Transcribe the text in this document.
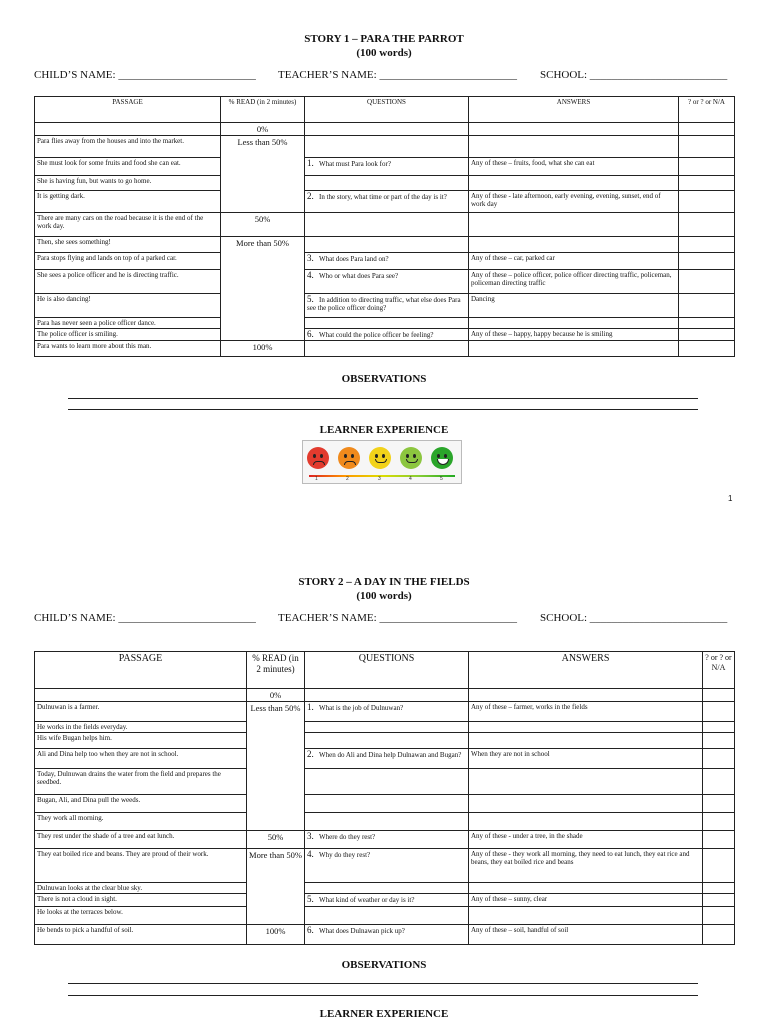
STORY 1 – PARA THE PARROT
(100 words)
CHILD’S NAME: _________________________ TEACHER’S NAME: _________________________ SCHOOL: _________________________
PASSAGE	% READ (in 2 minutes)	QUESTIONS	ANSWERS	? or ? or N/A
	0%			
Para flies away from the houses and into the market.	Less than 50%			
She must look for some fruits and food she can eat.		1. What must Para look for?	Any of these – fruits, food, what she can eat	
She is having fun, but wants to go home.				
It is getting dark.		2. In the story, what time or part of the day is it?	Any of these - late afternoon, early evening, evening, sunset, end of work day	
There are many cars on the road because it is the end of the work day.	50%			
Then, she sees something!	More than 50%			
Para stops flying and lands on top of a parked car.		3. What does Para land on?	Any of these – car, parked car	
She sees a police officer and he is directing traffic.		4. Who or what does Para see?	Any of these – police officer, police officer directing traffic, policeman, policeman directing traffic	
He is also dancing!		5. In addition to directing traffic, what else does Para see the police officer doing?	Dancing	
Para has never seen a police officer dance.				
The police officer is smiling.		6. What could the police officer be feeling?	Any of these – happy, happy because he is smiling	
Para wants to learn more about this man.	100%			
OBSERVATIONS
LEARNER EXPERIENCE
1	2	3	4	5
1
STORY 2 – A DAY IN THE FIELDS
(100 words)
CHILD’S NAME: _________________________ TEACHER’S NAME: _________________________ SCHOOL: _________________________
PASSAGE	% READ (in 2 minutes)	QUESTIONS	ANSWERS	? or ? or N/A
	0%			
Dulnuwan is a farmer.	Less than 50%	1. What is the job of Dulnuwan?	Any of these – farmer, works in the fields	
He works in the fields everyday.				
His wife Bugan helps him.				
Ali and Dina help too when they are not in school.		2. When do Ali and Dina help Dulnawan and Bugan?	When they are not in school	
Today, Dulnuwan drains the water from the field and prepares the seedbed.				
Bugan, Ali, and Dina pull the weeds.				
They work all morning.				
They rest under the shade of a tree and eat lunch.	50%	3. Where do they rest?	Any of these - under a tree, in the shade	
They eat boiled rice and beans. They are proud of their work.	More than 50%	4. Why do they rest?	Any of these - they work all morning, they need to eat lunch, they eat rice and beans, they eat boiled rice and beans	
Dulnuwan looks at the clear blue sky.				
There is not a cloud in sight.		5. What kind of weather or day is it?	Any of these – sunny, clear	
He looks at the terraces below.				
He bends to pick a handful of soil.	100%	6. What does Dulnawan pick up?	Any of these – soil, handful of soil	
OBSERVATIONS
LEARNER EXPERIENCE
